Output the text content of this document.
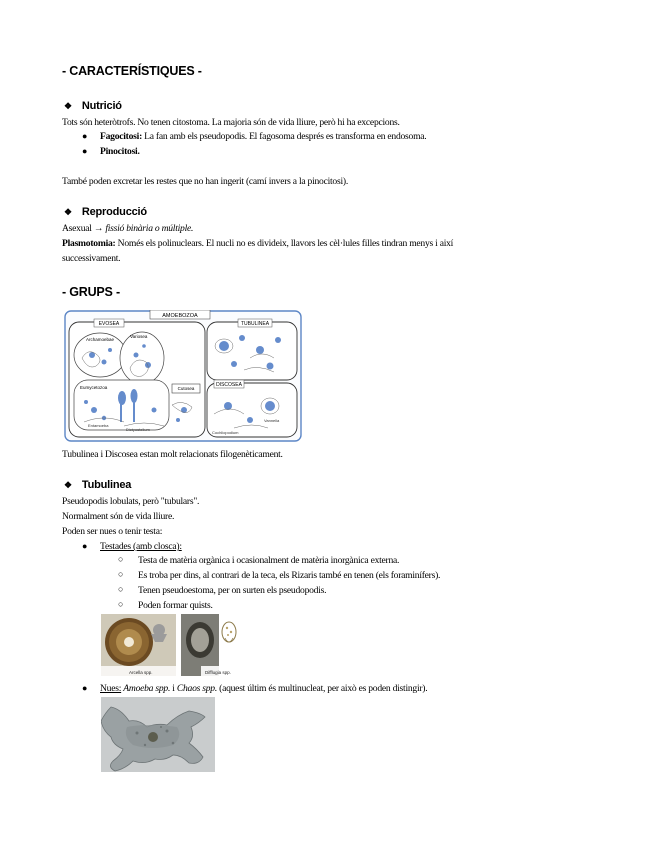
- CARACTERÍSTIQUES -
❖ Nutrició
Tots són heteròtrofs. No tenen citostoma. La majoria són de vida lliure, però hi ha excepcions.
● Fagocitosi: La fan amb els pseudopodis. El fagosoma després es transforma en endosoma.
● Pinocitosi.
També poden excretar les restes que no han ingerit (camí invers a la pinocitosi).
❖ Reproducció
Asexual → fissió binària o múltiple.
Plasmotomia: Només els polinuclears. El nucli no es divideix, llavors les cèl·lules filles tindran menys i així
successivament.
- GRUPS -
AMOEBOZOA
EVOSEA
Archamoebae
Variosea
Eumycetozoa	Cutosea
Entamoeba
Dictyostelium
TUBULINEA
DISCOSEA
Cochliopodium
Vannella
Tubulinea i Discosea estan molt relacionats filogenèticament.
❖ Tubulinea
Pseudopodis lobulats, però "tubulars".
Normalment són de vida lliure.
Poden ser nues o tenir testa:
● Testades (amb closca):
○ Testa de matèria orgànica i ocasionalment de matèria inorgànica externa.
○ Es troba per dins, al contrari de la teca, els Rizaris també en tenen (els foraminífers).
○ Tenen pseudoestoma, per on surten els pseudopodis.
○ Poden formar quists.
Arcella spp.	Difflugia spp.
● Nues: Amoeba spp. i Chaos spp. (aquest últim és multinucleat, per això es poden distingir).
